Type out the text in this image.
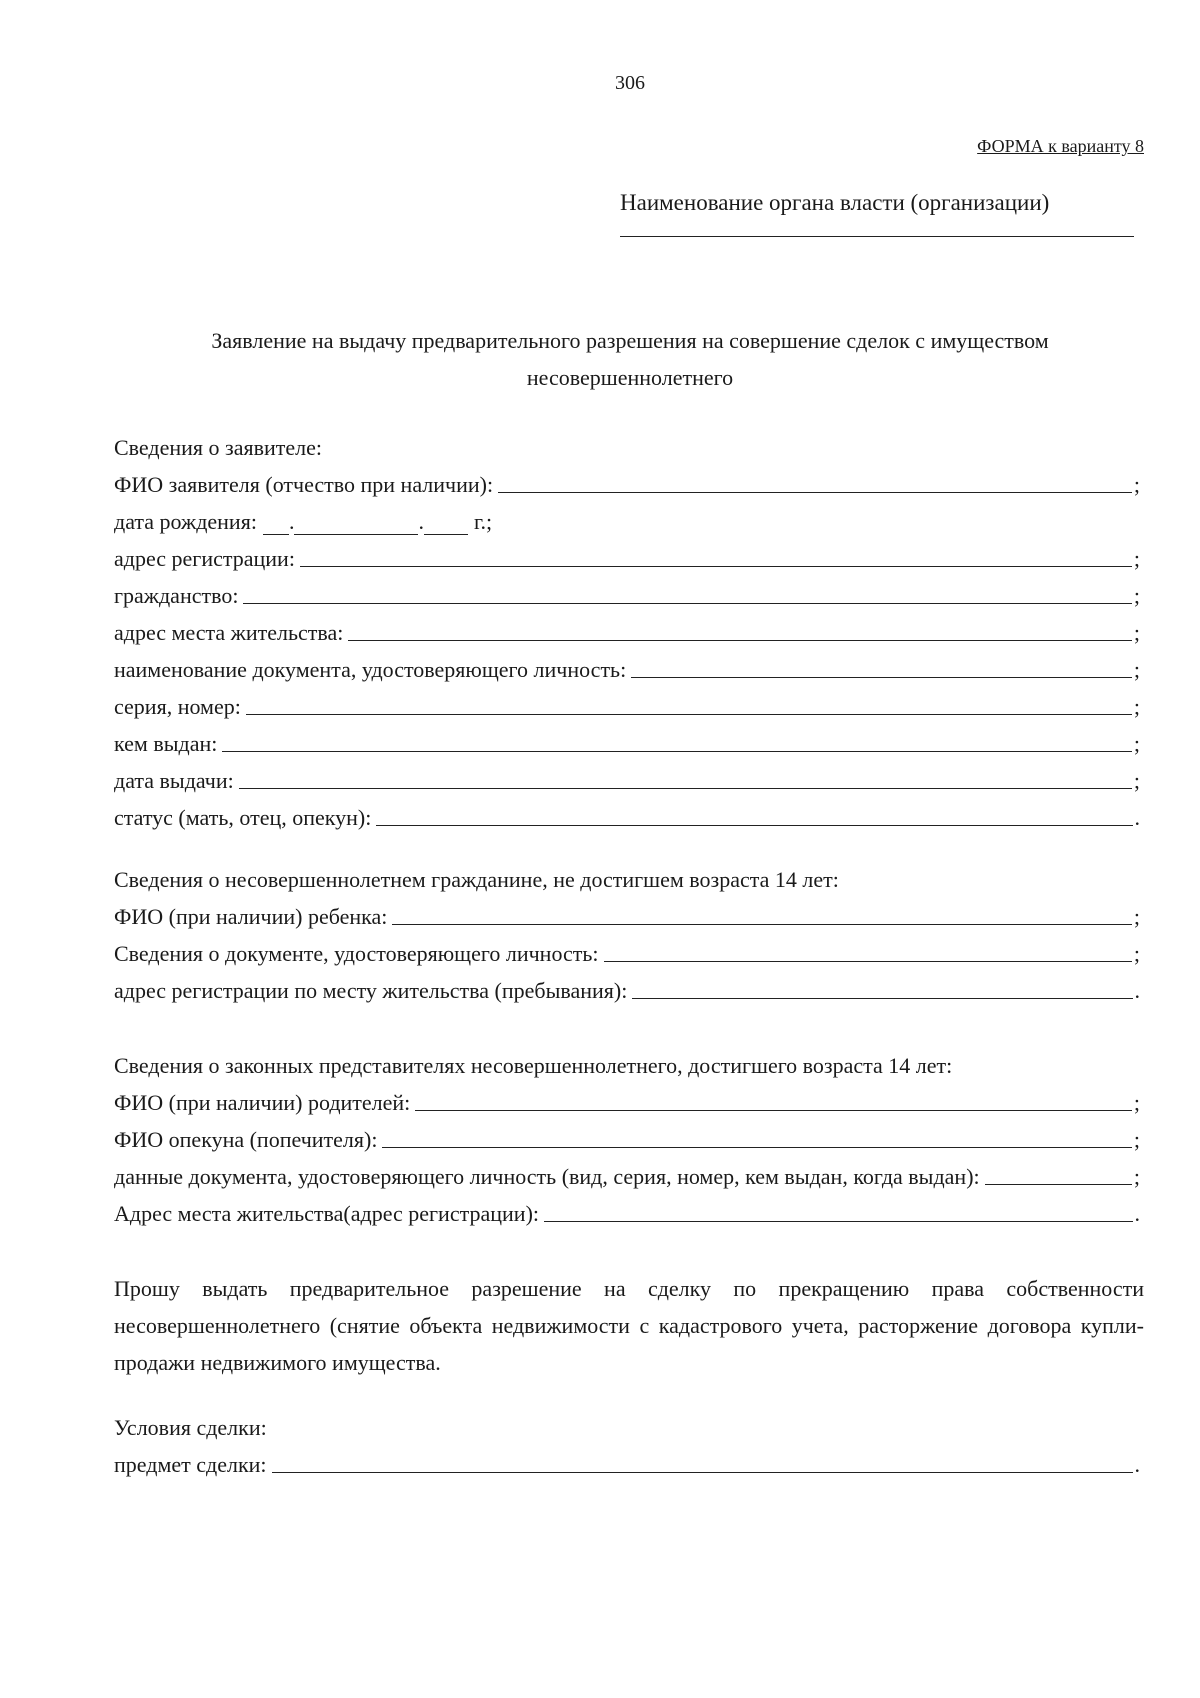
306
ФОРМА к варианту 8
Наименование органа власти (организации)
Заявление на выдачу предварительного разрешения на совершение сделок с имуществом
несовершеннолетнего
Сведения о заявителе:
ФИО заявителя (отчество при наличии):	;
дата рождения: .	. г.;
адрес регистрации:	;
гражданство:	;
адрес места жительства:	;
наименование документа, удостоверяющего личность:	;
серия, номер:	;
кем выдан:	;
дата выдачи:	;
статус (мать, отец, опекун):	.
Сведения о несовершеннолетнем гражданине, не достигшем возраста 14 лет:
ФИО (при наличии) ребенка:	;
Сведения о документе, удостоверяющего личность:	;
адрес регистрации по месту жительства (пребывания):	.
Сведения о законных представителях несовершеннолетнего, достигшего возраста 14 лет:
ФИО (при наличии) родителей:	;
ФИО опекуна (попечителя):	;
данные документа, удостоверяющего личность (вид, серия, номер, кем выдан, когда выдан):	;
Адрес места жительства(адрес регистрации):	.
Прошу выдать предварительное разрешение на сделку по прекращению права собственности несовершеннолетнего (снятие объекта недвижимости с кадастрового учета, расторжение договора купли-продажи недвижимого имущества.
Условия сделки:
предмет сделки:	.
